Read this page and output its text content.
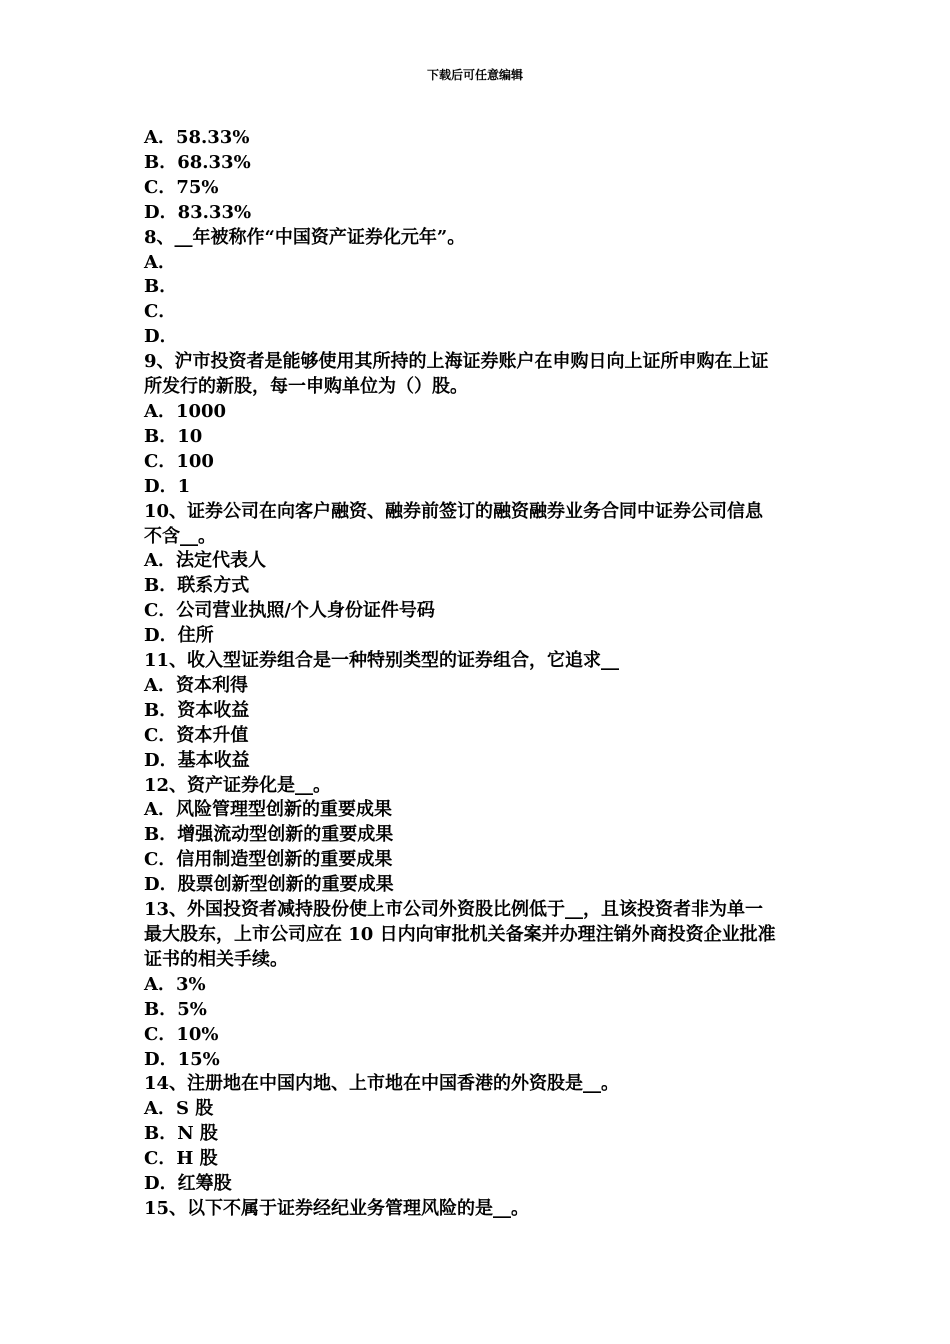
下载后可任意编辑

A．58.33%

B．68.33%

C．75%

D．83.33%

8、__年被称作“中国资产证券化元年”。

A．

B．

C．

D．

9、沪市投资者是能够使用其所持的上海证券账户在申购日向上证所申购在上证

所发行的新股，每一申购单位为（）股。

A．1000

B．10

C．100

D．1

10、证券公司在向客户融资、融券前签订的融资融券业务合同中证券公司信息

不含__。

A．法定代表人

B．联系方式

C．公司营业执照/个人身份证件号码

D．住所

11、收入型证券组合是一种特别类型的证券组合，它追求__

A．资本利得

B．资本收益

C．资本升值

D．基本收益

12、资产证券化是__。

A．风险管理型创新的重要成果

B．增强流动型创新的重要成果

C．信用制造型创新的重要成果

D．股票创新型创新的重要成果

13、外国投资者减持股份使上市公司外资股比例低于__，且该投资者非为单一

最大股东，上市公司应在 10 日内向审批机关备案并办理注销外商投资企业批准

证书的相关手续。

A．3%

B．5%

C．10%

D．15%

14、注册地在中国内地、上市地在中国香港的外资股是__。

A．S 股

B．N 股

C．H 股

D．红筹股

15、以下不属于证券经纪业务管理风险的是__。
